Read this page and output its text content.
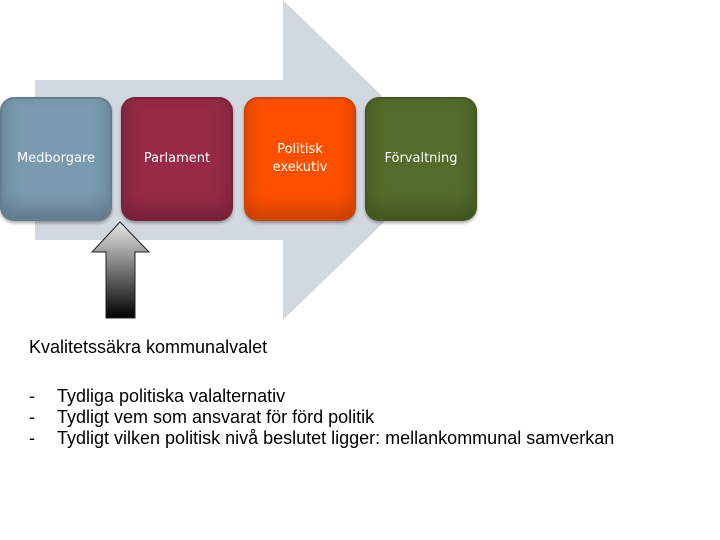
Medborgare	Parlament
Politisk
exekutiv
Förvaltning

Kvalitetssäkra kommunalvalet

- Tydliga politiska valalternativ
- Tydligt vem som ansvarat för förd politik
- Tydligt vilken politisk nivå beslutet ligger: mellankommunal samverkan
